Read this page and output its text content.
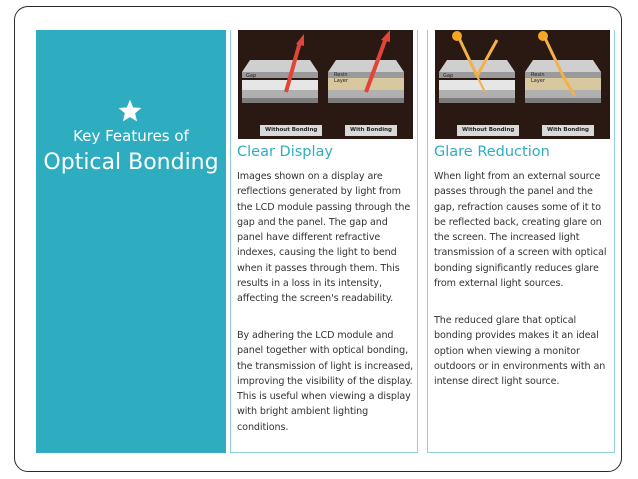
Key Features of
Optical Bonding
Gap	Resin
Layer
Without Bonding	With Bonding
Clear Display
Images shown on a display are reflections generated by light from the LCD module passing through the gap and the panel. The gap and panel have different refractive indexes, causing the light to bend when it passes through them. This results in a loss in its intensity, affecting the screen's readability.
By adhering the LCD module and panel together with optical bonding, the transmission of light is increased, improving the visibility of the display. This is useful when viewing a display with bright ambient lighting conditions.
Gap	Resin
Layer
Without Bonding	With Bonding
Glare Reduction
When light from an external source passes through the panel and the gap, refraction causes some of it to be reflected back, creating glare on the screen. The increased light transmission of a screen with optical bonding significantly reduces glare from external light sources.
The reduced glare that optical bonding provides makes it an ideal option when viewing a monitor outdoors or in environments with an intense direct light source.
